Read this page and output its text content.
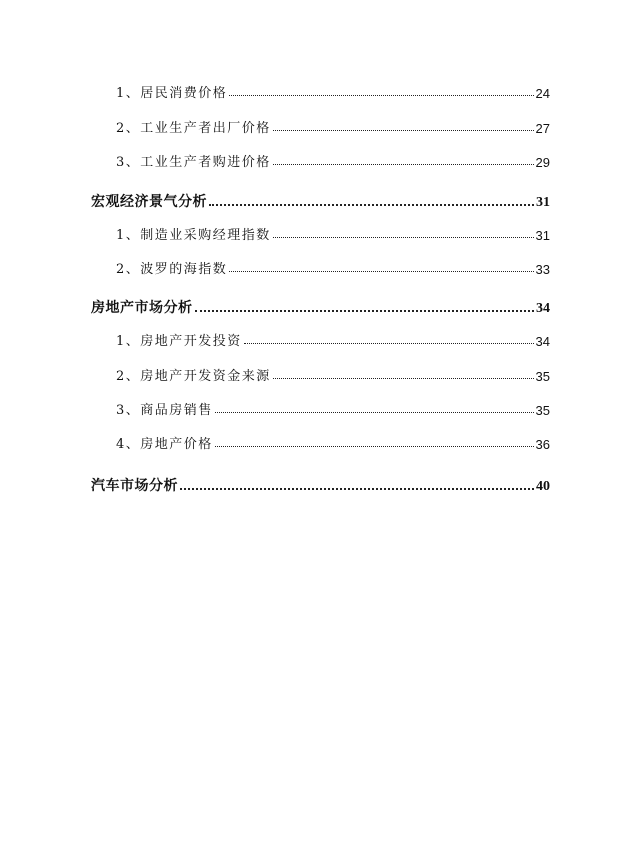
1、居民消费价格	24
2、工业生产者出厂价格	27
3、工业生产者购进价格	29
宏观经济景气分析	31
1、制造业采购经理指数	31
2、波罗的海指数	33
房地产市场分析	34
1、房地产开发投资	34
2、房地产开发资金来源	35
3、商品房销售	35
4、房地产价格	36
汽车市场分析	40
